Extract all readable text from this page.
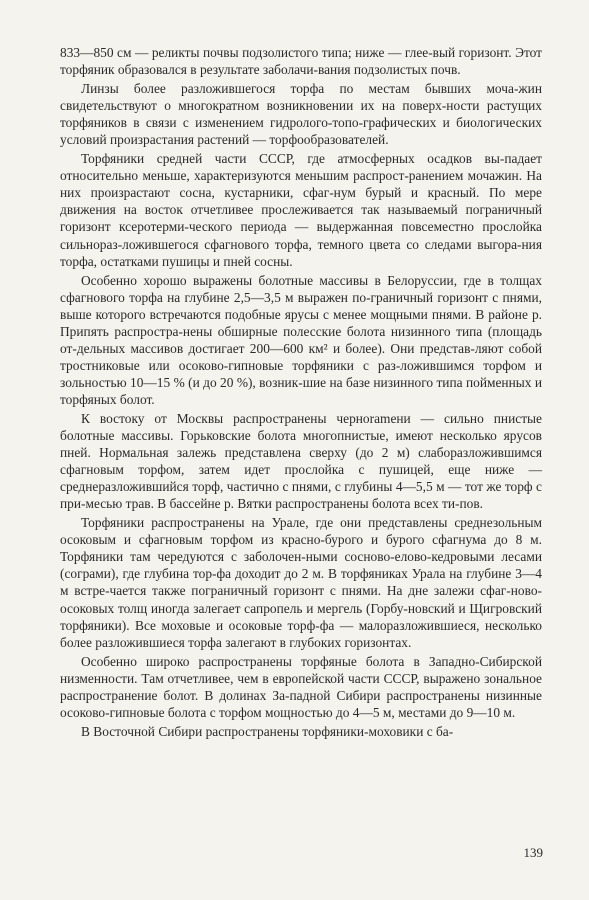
833—850 см — реликты почвы подзолистого типа; ниже — глее-вый горизонт. Этот торфяник образовался в результате заболачи-вания подзолистых почв.

Линзы более разложившегося торфа по местам бывших моча-жин свидетельствуют о многократном возникновении их на поверх-ности растущих торфяников в связи с изменением гидролого-топо-графических и биологических условий произрастания растений — торфообразователей.

Торфяники средней части СССР, где атмосферных осадков вы-падает относительно меньше, характеризуются меньшим распрост-ранением мочажин. На них произрастают сосна, кустарники, сфаг-нум бурый и красный. По мере движения на восток отчетливее прослеживается так называемый пограничный горизонт ксеротерми-ческого периода — выдержанная повсеместно прослойка сильнораз-ложившегося сфагнового торфа, темного цвета со следами выгора-ния торфа, остатками пушицы и пней сосны.

Особенно хорошо выражены болотные массивы в Белоруссии, где в толщах сфагнового торфа на глубине 2,5—3,5 м выражен по-граничный горизонт с пнями, выше которого встречаются подобные ярусы с менее мощными пнями. В районе р. Припять распростра-нены обширные полесские болота низинного типа (площадь от-дельных массивов достигает 200—600 км² и более). Они представ-ляют собой тростниковые или осоково-гипновые торфяники с раз-ложившимся торфом и зольностью 10—15 % (и до 20 %), возник-шие на базе низинного типа пойменных и торфяных болот.

К востоку от Москвы распространены черноramени — сильно пнистые болотные массивы. Горьковские болота многопнистые, имеют несколько ярусов пней. Нормальная залежь представлена сверху (до 2 м) слаборазложившимся сфагновым торфом, затем идет прослойка с пушицей, еще ниже — среднеразложившийся торф, частично с пнями, с глубины 4—5,5 м — тот же торф с при-месью трав. В бассейне р. Вятки распространены болота всех ти-пов.

Торфяники распространены на Урале, где они представлены среднезольным осоковым и сфагновым торфом из красно-бурого и бурого сфагнума до 8 м. Торфяники там чередуются с заболочен-ными сосново-елово-кедровыми лесами (сограми), где глубина тор-фа доходит до 2 м. В торфяниках Урала на глубине 3—4 м встре-чается также пограничный горизонт с пнями. На дне залежи сфаг-ново-осоковых толщ иногда залегает сапропель и мергель (Горбу-новский и Щигровский торфяники). Все моховые и осоковые торф-фа — малоразложившиеся, несколько более разложившиеся торфа залегают в глубоких горизонтах.

Особенно широко распространены торфяные болота в Западно-Сибирской низменности. Там отчетливее, чем в европейской части СССР, выражено зональное распространение болот. В долинах За-падной Сибири распространены низинные осоково-гипновые болота с торфом мощностью до 4—5 м, местами до 9—10 м.

В Восточной Сибири распространены торфяники-моховики с ба-

139
